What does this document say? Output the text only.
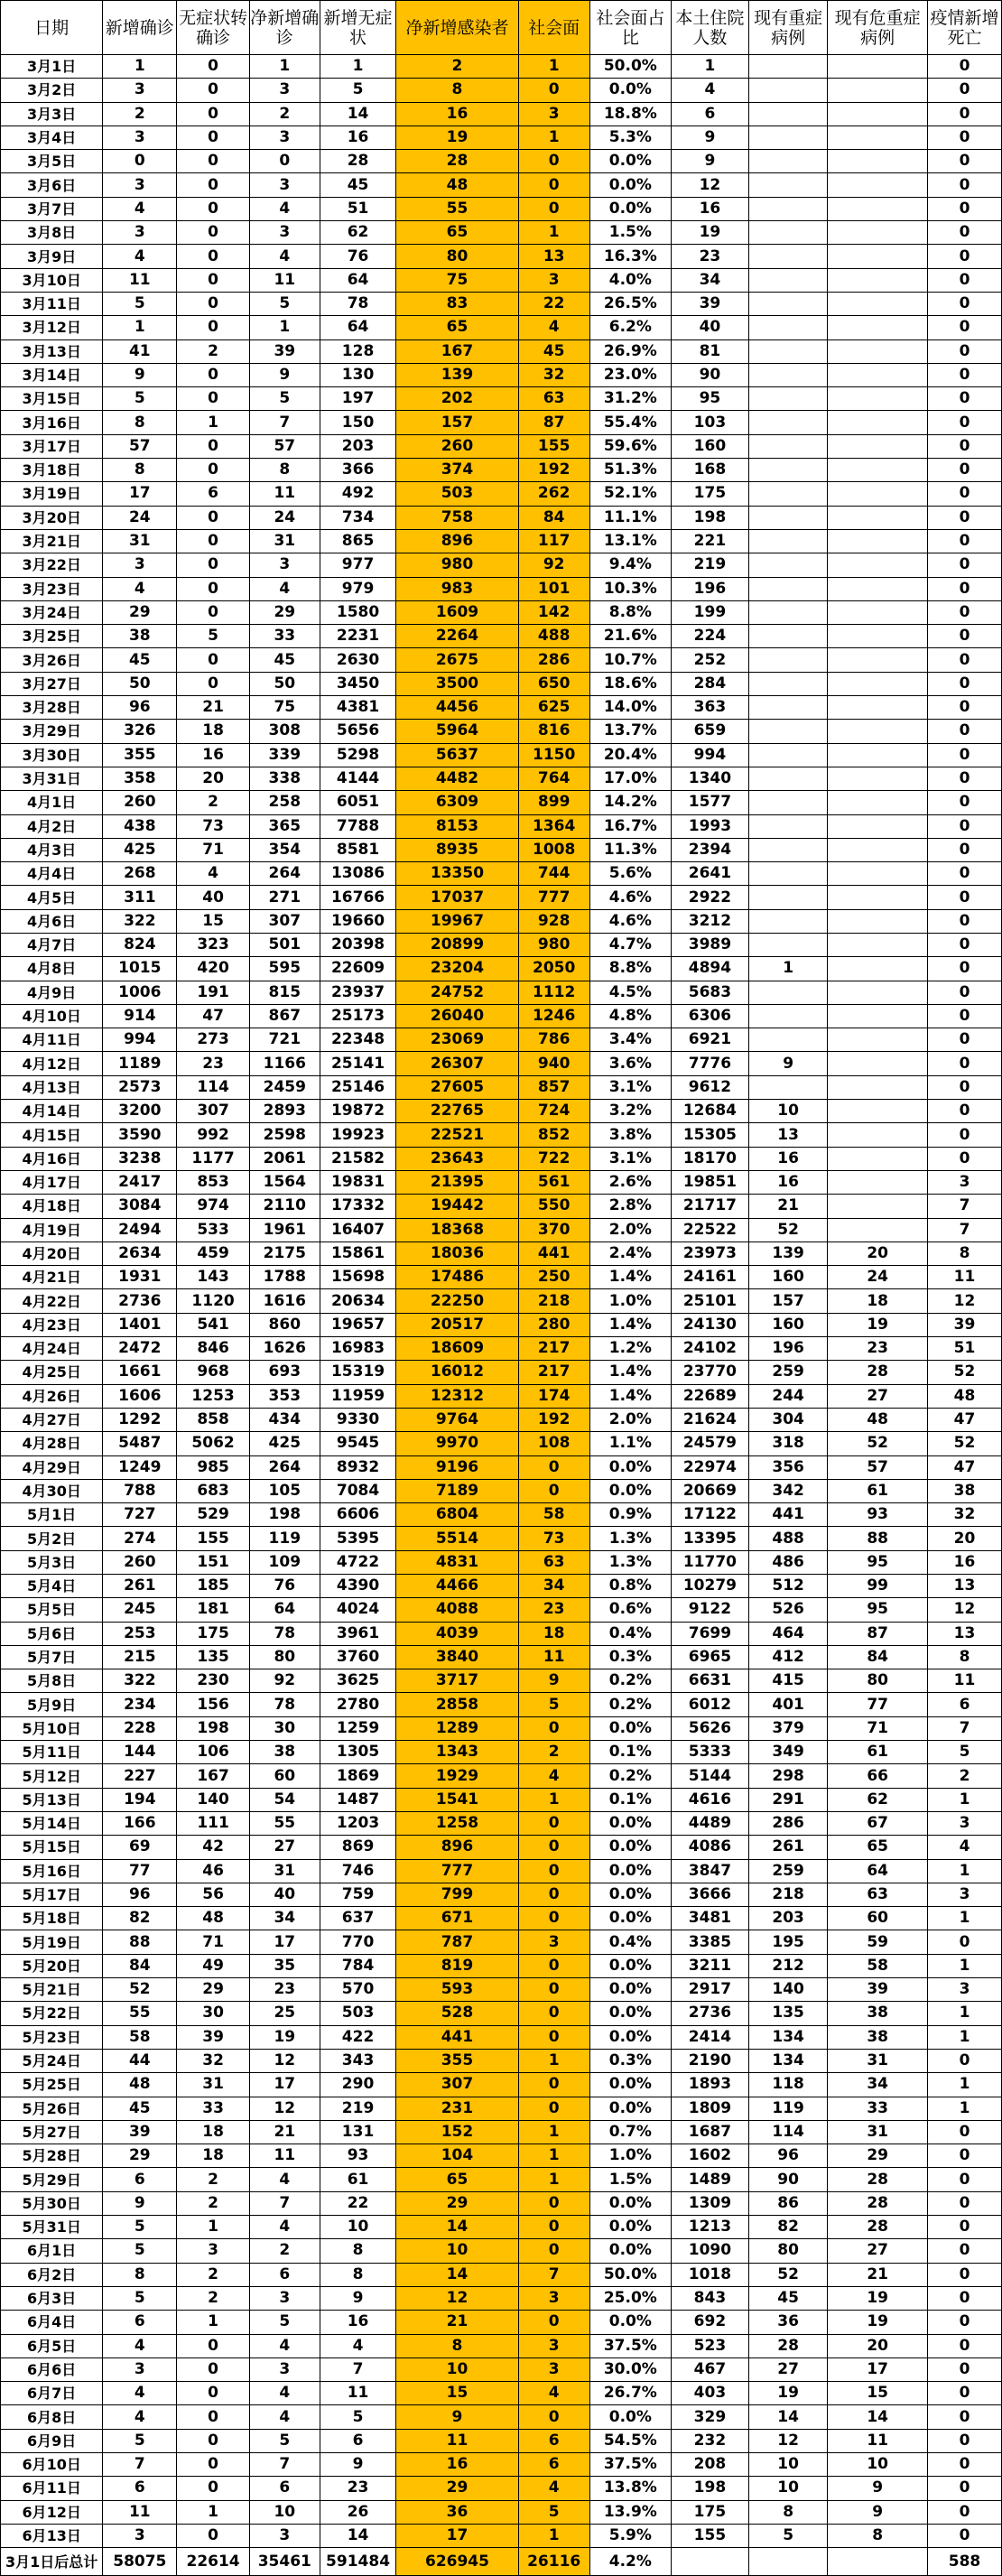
日期	新增确诊	无症状转确诊	净新增确诊	新增无症状	净新增感染者	社会面	社会面占比	本土住院人数	现有重症病例	现有危重症病例	疫情新增死亡
3月1日	1	0	1	1	2	1	50.0%	1			0
3月2日	3	0	3	5	8	0	0.0%	4			0
3月3日	2	0	2	14	16	3	18.8%	6			0
3月4日	3	0	3	16	19	1	5.3%	9			0
3月5日	0	0	0	28	28	0	0.0%	9			0
3月6日	3	0	3	45	48	0	0.0%	12			0
3月7日	4	0	4	51	55	0	0.0%	16			0
3月8日	3	0	3	62	65	1	1.5%	19			0
3月9日	4	0	4	76	80	13	16.3%	23			0
3月10日	11	0	11	64	75	3	4.0%	34			0
3月11日	5	0	5	78	83	22	26.5%	39			0
3月12日	1	0	1	64	65	4	6.2%	40			0
3月13日	41	2	39	128	167	45	26.9%	81			0
3月14日	9	0	9	130	139	32	23.0%	90			0
3月15日	5	0	5	197	202	63	31.2%	95			0
3月16日	8	1	7	150	157	87	55.4%	103			0
3月17日	57	0	57	203	260	155	59.6%	160			0
3月18日	8	0	8	366	374	192	51.3%	168			0
3月19日	17	6	11	492	503	262	52.1%	175			0
3月20日	24	0	24	734	758	84	11.1%	198			0
3月21日	31	0	31	865	896	117	13.1%	221			0
3月22日	3	0	3	977	980	92	9.4%	219			0
3月23日	4	0	4	979	983	101	10.3%	196			0
3月24日	29	0	29	1580	1609	142	8.8%	199			0
3月25日	38	5	33	2231	2264	488	21.6%	224			0
3月26日	45	0	45	2630	2675	286	10.7%	252			0
3月27日	50	0	50	3450	3500	650	18.6%	284			0
3月28日	96	21	75	4381	4456	625	14.0%	363			0
3月29日	326	18	308	5656	5964	816	13.7%	659			0
3月30日	355	16	339	5298	5637	1150	20.4%	994			0
3月31日	358	20	338	4144	4482	764	17.0%	1340			0
4月1日	260	2	258	6051	6309	899	14.2%	1577			0
4月2日	438	73	365	7788	8153	1364	16.7%	1993			0
4月3日	425	71	354	8581	8935	1008	11.3%	2394			0
4月4日	268	4	264	13086	13350	744	5.6%	2641			0
4月5日	311	40	271	16766	17037	777	4.6%	2922			0
4月6日	322	15	307	19660	19967	928	4.6%	3212			0
4月7日	824	323	501	20398	20899	980	4.7%	3989			0
4月8日	1015	420	595	22609	23204	2050	8.8%	4894	1		0
4月9日	1006	191	815	23937	24752	1112	4.5%	5683			0
4月10日	914	47	867	25173	26040	1246	4.8%	6306			0
4月11日	994	273	721	22348	23069	786	3.4%	6921			0
4月12日	1189	23	1166	25141	26307	940	3.6%	7776	9		0
4月13日	2573	114	2459	25146	27605	857	3.1%	9612			0
4月14日	3200	307	2893	19872	22765	724	3.2%	12684	10		0
4月15日	3590	992	2598	19923	22521	852	3.8%	15305	13		0
4月16日	3238	1177	2061	21582	23643	722	3.1%	18170	16		0
4月17日	2417	853	1564	19831	21395	561	2.6%	19851	16		3
4月18日	3084	974	2110	17332	19442	550	2.8%	21717	21		7
4月19日	2494	533	1961	16407	18368	370	2.0%	22522	52		7
4月20日	2634	459	2175	15861	18036	441	2.4%	23973	139	20	8
4月21日	1931	143	1788	15698	17486	250	1.4%	24161	160	24	11
4月22日	2736	1120	1616	20634	22250	218	1.0%	25101	157	18	12
4月23日	1401	541	860	19657	20517	280	1.4%	24130	160	19	39
4月24日	2472	846	1626	16983	18609	217	1.2%	24102	196	23	51
4月25日	1661	968	693	15319	16012	217	1.4%	23770	259	28	52
4月26日	1606	1253	353	11959	12312	174	1.4%	22689	244	27	48
4月27日	1292	858	434	9330	9764	192	2.0%	21624	304	48	47
4月28日	5487	5062	425	9545	9970	108	1.1%	24579	318	52	52
4月29日	1249	985	264	8932	9196	0	0.0%	22974	356	57	47
4月30日	788	683	105	7084	7189	0	0.0%	20669	342	61	38
5月1日	727	529	198	6606	6804	58	0.9%	17122	441	93	32
5月2日	274	155	119	5395	5514	73	1.3%	13395	488	88	20
5月3日	260	151	109	4722	4831	63	1.3%	11770	486	95	16
5月4日	261	185	76	4390	4466	34	0.8%	10279	512	99	13
5月5日	245	181	64	4024	4088	23	0.6%	9122	526	95	12
5月6日	253	175	78	3961	4039	18	0.4%	7699	464	87	13
5月7日	215	135	80	3760	3840	11	0.3%	6965	412	84	8
5月8日	322	230	92	3625	3717	9	0.2%	6631	415	80	11
5月9日	234	156	78	2780	2858	5	0.2%	6012	401	77	6
5月10日	228	198	30	1259	1289	0	0.0%	5626	379	71	7
5月11日	144	106	38	1305	1343	2	0.1%	5333	349	61	5
5月12日	227	167	60	1869	1929	4	0.2%	5144	298	66	2
5月13日	194	140	54	1487	1541	1	0.1%	4616	291	62	1
5月14日	166	111	55	1203	1258	0	0.0%	4489	286	67	3
5月15日	69	42	27	869	896	0	0.0%	4086	261	65	4
5月16日	77	46	31	746	777	0	0.0%	3847	259	64	1
5月17日	96	56	40	759	799	0	0.0%	3666	218	63	3
5月18日	82	48	34	637	671	0	0.0%	3481	203	60	1
5月19日	88	71	17	770	787	3	0.4%	3385	195	59	0
5月20日	84	49	35	784	819	0	0.0%	3211	212	58	1
5月21日	52	29	23	570	593	0	0.0%	2917	140	39	3
5月22日	55	30	25	503	528	0	0.0%	2736	135	38	1
5月23日	58	39	19	422	441	0	0.0%	2414	134	38	1
5月24日	44	32	12	343	355	1	0.3%	2190	134	31	0
5月25日	48	31	17	290	307	0	0.0%	1893	118	34	1
5月26日	45	33	12	219	231	0	0.0%	1809	119	33	1
5月27日	39	18	21	131	152	1	0.7%	1687	114	31	0
5月28日	29	18	11	93	104	1	1.0%	1602	96	29	0
5月29日	6	2	4	61	65	1	1.5%	1489	90	28	0
5月30日	9	2	7	22	29	0	0.0%	1309	86	28	0
5月31日	5	1	4	10	14	0	0.0%	1213	82	28	0
6月1日	5	3	2	8	10	0	0.0%	1090	80	27	0
6月2日	8	2	6	8	14	7	50.0%	1018	52	21	0
6月3日	5	2	3	9	12	3	25.0%	843	45	19	0
6月4日	6	1	5	16	21	0	0.0%	692	36	19	0
6月5日	4	0	4	4	8	3	37.5%	523	28	20	0
6月6日	3	0	3	7	10	3	30.0%	467	27	17	0
6月7日	4	0	4	11	15	4	26.7%	403	19	15	0
6月8日	4	0	4	5	9	0	0.0%	329	14	14	0
6月9日	5	0	5	6	11	6	54.5%	232	12	11	0
6月10日	7	0	7	9	16	6	37.5%	208	10	10	0
6月11日	6	0	6	23	29	4	13.8%	198	10	9	0
6月12日	11	1	10	26	36	5	13.9%	175	8	9	0
6月13日	3	0	3	14	17	1	5.9%	155	5	8	0
3月1日后总计	58075	22614	35461	591484	626945	26116	4.2%				588
